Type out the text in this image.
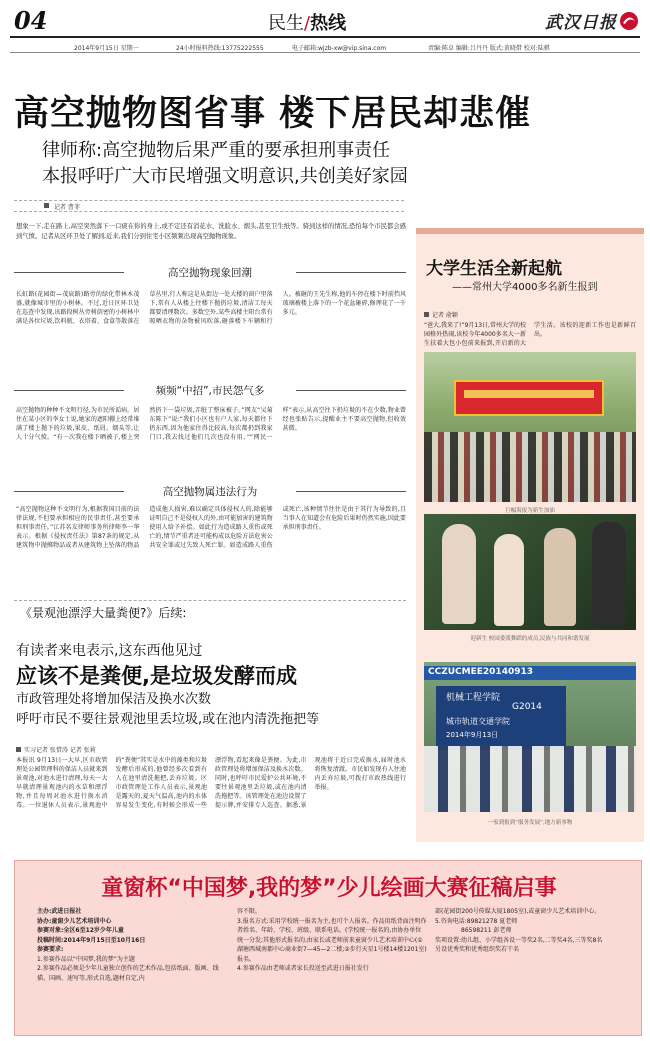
04	民生/热线	武汉日报
2014年9月15日 星期一	24小时报料热线:13775222555	电子邮箱:wjzb-xw@vip.sina.com	责编:陈卓 编辑:吕丹丹 版式:黄晓借 校对:陆骐
高空抛物图省事 楼下居民却悲催
律师称:高空抛物后果严重的要承担刑事责任
本报呼吁广大市民增强文明意识,共创美好家园
记者 曹菲
想象一下,走在路上,高空突然落下一口痰在你的身上,或不定还有消花水、洗脸水、烟头,甚至卫生纸等。骑到这样的情况,恐怕每个市民都会感到气愤。记者从区环卫处了解到,近来,我们分到住宅小区频频出现高空抛物现象。
高空抛物现象回潮
长虹路(花园街—茂宸路)路旁的绿化带林木茂盛,就像城市里的小树林。不过,近日区环卫处在巡查中发现,该路段树丛旁树荫密的小树林中满是各位垃圾,饮料瓶、衣塔着、食盒等散落在草丛里,行人称这是从街边一处大楼的窗户里落下,常有人从楼上往楼下抛扔垃圾,清洁工每天都要清理数次。多数空外,某些高楼主阳台常有晾晒衣物的杂物被风吹落,砸落楼下车辆和行人。被砸的王先生称,他的车停在楼下时前挡风玻璃被楼上落下的一个花盆砸碎,修理花了一千多元。
频频“中招”,市民怨气多
高空抛物的种种不文明行径,为市民所诟病。居住在某小区的李女士说,她家的遮阳棚上经常堆满了楼上抛下的垃圾,果皮、纸屑、烟头等,让人十分气愤。“有一次我在楼下晒被子,楼上突然扔下一袋垃圾,弄脏了整床被子。”网友“吴菊东陈下”说:“我们小区也有户人家,每天都往下扔东西,因为他家住得比较高,每次都扔到我家门口,我去找过他们几次也没有用。”“网民一样”表示,从高空往下扔垃圾的不在少数,物业曾经也张贴告示,提醒业主不要高空抛物,但收效甚微。
高空抛物属违法行为
“高空抛物这种不文明行为,根据我国目前的法律法规,不但要承担相应的民事责任,甚至要承担刑事责任。”江苏名友律师事务所律师李一华表示。根据《侵权责任法》第87条的规定,从建筑物中抛掷物品或者从建筑物上坠落的物品造成他人损害,难以确定具体侵权人的,除能够证明自己不是侵权人的外,由可能加害的建筑物使用人给予补偿。如此行为造成路人重伤或死亡的,情节严重者还可能构成以危险方法危害公共安全罪或过失致人死亡罪。如造成路人重伤或死亡,该种情节往往是由于其行为导致的,且当事人在知道会有危险后果时仍然实施,因此要承担刑事责任。
《景观池漂浮大量粪便?》后续:
有读者来电表示,这东西他见过
应该不是粪便,是垃圾发酵而成
市政管理处将增加保洁及换水次数
呼吁市民不要往景观池里丢垃圾,或在池内清洗拖把等
实习记者 张惜涛 记者 张莉
本报讯 9月13日一大早,区市政管理处公园管理科的保洁人员就来到景观池,对池水进行清理,每天一大早就清理景观池内的水草和漂浮物,并且每周对池水进行换水消毒。一位退休人员表示,景观池中的“粪便”其实是水中的藻类和垃圾发酵后形成的,他曾经多次看到有人在池里清洗拖把,丢弃垃圾。区市政管理处工作人员表示,景观池是露天的,夏天气温高,池内的水体容易发生变化,有时候会形成一些漂浮物,看起来像是粪便。为此,市政管理处将增加保洁及换水次数。同时,也呼吁市民爱护公共环境,不要往景观池里丢垃圾,或在池内清洗拖把等。该管理处在池边设置了提示牌,并安排专人巡查。据悉,景观池将于近日完成换水,届时池水将恢复清澈。市民如发现有人往池内丢弃垃圾,可拨打市政热线进行举报。
大学生活全新起航
——常州大学4000多名新生报到
记者 俞颖
“爸大,我来了!”9月13日,常州大学的校园格外热闹,该校今年4000多名大一新生扶着大包小包前来报到,开启新的大学生活。该校的迎新工作也是新鲜百出。
巨幅海报为新生加油
迎新生 校园委派舞蹈的成员,民族与共同和谐发展
CCZUCMEE20140913
机械工程学院
G2014
城市轨道交通学院
2014年9月13日
一家到报到“服务发展”,地方新事物
童窗杯“中国梦,我的梦”少儿绘画大赛征稿启事
主办:武进日报社
协办:童窗少儿艺术培训中心
参赛对象:全区6至12岁少年儿童
投稿时间:2014年9月15日至10月16日
参赛要求:
1.参赛作品以“中国梦,我的梦”为主题
2.参赛作品必须是少年儿童独立创作的艺术作品,包括纸面、版画、线描、国画、速写等,形式自选,题材自定,内
容不限。
3.报名方式:采用学校统一报名为主,也可个人报名。作品用纸背面注明作者姓名、年龄、学校、班级、联系电话。(学校统一报名的,由协办单位统一分发;其他形式报名的,由家长或老师前来童窗少儿艺术培训中心(①湖塘西城南都中心商业街7—45—2二楼;②步行天星1号楼14楼1201室)报名。
4.参赛作品由老师或者家长投送至武进日报社发行
部(花园街200号传媒大厦1805室),或童窗少儿艺术培训中心。
5.咨询电话:89821278 夏老师
86598211 彭老师
奖项设置:幼儿组、小学组各设一等奖2名,二等奖4名,三等奖8名
另设优秀奖和优秀组织奖若干名
